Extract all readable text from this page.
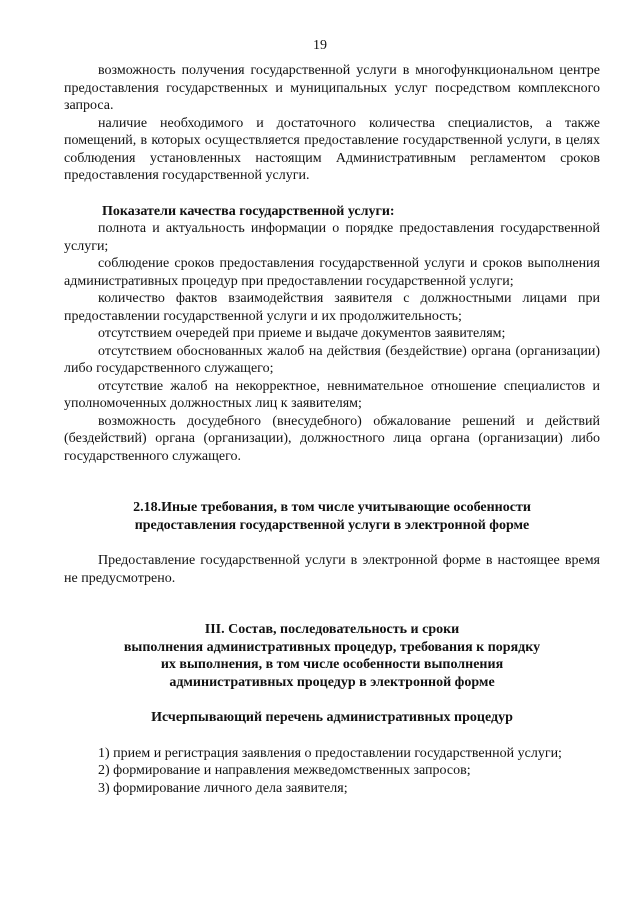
19

возможность получения государственной услуги в многофункциональном центре предоставления государственных и муниципальных услуг посредством комплексного запроса.

наличие необходимого и достаточного количества специалистов, а также помещений, в которых осуществляется предоставление государственной услуги, в целях соблюдения установленных настоящим Административным регламентом сроков предоставления государственной услуги.

Показатели качества государственной услуги:

полнота и актуальность информации о порядке предоставления государственной услуги;

соблюдение сроков предоставления государственной услуги и сроков выполнения административных процедур при предоставлении государственной услуги;

количество фактов взаимодействия заявителя с должностными лицами при предоставлении государственной услуги и их продолжительность;

отсутствием очередей при приеме и выдаче документов заявителям;

отсутствием обоснованных жалоб на действия (бездействие) органа (организации) либо государственного служащего;

отсутствие жалоб на некорректное, невнимательное отношение специалистов и уполномоченных должностных лиц к заявителям;

возможность досудебного (внесудебного) обжалование решений и действий (бездействий) органа (организации), должностного лица органа (организации) либо государственного служащего.

2.18.Иные требования, в том числе учитывающие особенности

предоставления государственной услуги в электронной форме

Предоставление государственной услуги в электронной форме в настоящее время не предусмотрено.

III. Состав, последовательность и сроки

выполнения административных процедур, требования к порядку

их выполнения, в том числе особенности выполнения

административных процедур в электронной форме

Исчерпывающий перечень административных процедур

1) прием и регистрация заявления о предоставлении государственной услуги;
2) формирование и направления межведомственных запросов;
3) формирование личного дела заявителя;
